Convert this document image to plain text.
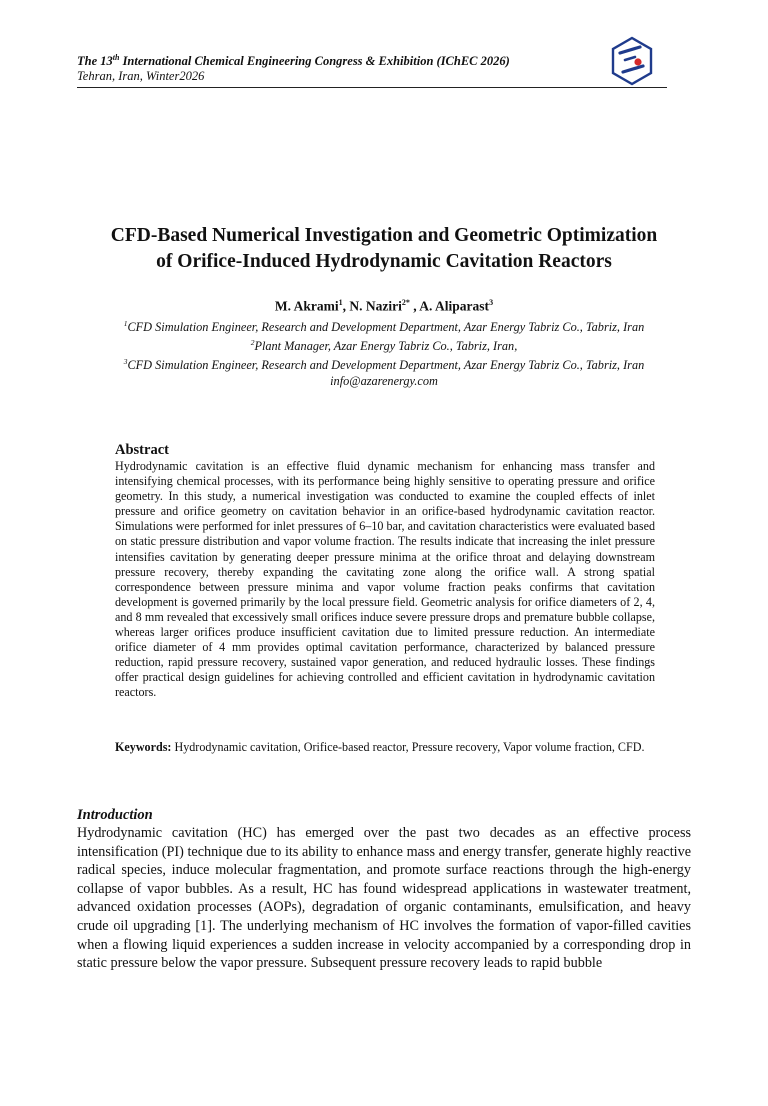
The 13th International Chemical Engineering Congress & Exhibition (IChEC 2026)
Tehran, Iran, Winter2026
CFD-Based Numerical Investigation and Geometric Optimization
of Orifice-Induced Hydrodynamic Cavitation Reactors
M. Akrami$^1$, N. Naziri$^{2*}$ , A. Aliparast$^3$
$^1$CFD Simulation Engineer, Research and Development Department, Azar Energy Tabriz Co., Tabriz, Iran
$^2$Plant Manager, Azar Energy Tabriz Co., Tabriz, Iran,
$^3$CFD Simulation Engineer, Research and Development Department, Azar Energy Tabriz Co., Tabriz, Iran
info@azarenergy.com
Abstract

Hydrodynamic cavitation is an effective fluid dynamic mechanism for enhancing mass transfer and intensifying chemical processes, with its performance being highly sensitive to operating pressure and orifice geometry. In this study, a numerical investigation was conducted to examine the coupled effects of inlet pressure and orifice geometry on cavitation behavior in an orifice-based hydrodynamic cavitation reactor. Simulations were performed for inlet pressures of 6–10 bar, and cavitation characteristics were evaluated based on static pressure distribution and vapor volume fraction. The results indicate that increasing the inlet pressure intensifies cavitation by generating deeper pressure minima at the orifice throat and delaying downstream pressure recovery, thereby expanding the cavitating zone along the orifice wall. A strong spatial correspondence between pressure minima and vapor volume fraction peaks confirms that cavitation development is governed primarily by the local pressure field. Geometric analysis for orifice diameters of 2, 4, and 8 mm revealed that excessively small orifices induce severe pressure drops and premature bubble collapse, whereas larger orifices produce insufficient cavitation due to limited pressure reduction. An intermediate orifice diameter of 4 mm provides optimal cavitation performance, characterized by balanced pressure reduction, rapid pressure recovery, sustained vapor generation, and reduced hydraulic losses. These findings offer practical design guidelines for achieving controlled and efficient cavitation in hydrodynamic cavitation reactors.

Keywords: Hydrodynamic cavitation, Orifice-based reactor, Pressure recovery, Vapor volume fraction, CFD.
Introduction

Hydrodynamic cavitation (HC) has emerged over the past two decades as an effective process intensification (PI) technique due to its ability to enhance mass and energy transfer, generate highly reactive radical species, induce molecular fragmentation, and promote surface reactions through the high-energy collapse of vapor bubbles. As a result, HC has found widespread applications in wastewater treatment, advanced oxidation processes (AOPs), degradation of organic contaminants, emulsification, and heavy crude oil upgrading [1]. The underlying mechanism of HC involves the formation of vapor-filled cavities when a flowing liquid experiences a sudden increase in velocity accompanied by a corresponding drop in static pressure below the vapor pressure. Subsequent pressure recovery leads to rapid bubble
